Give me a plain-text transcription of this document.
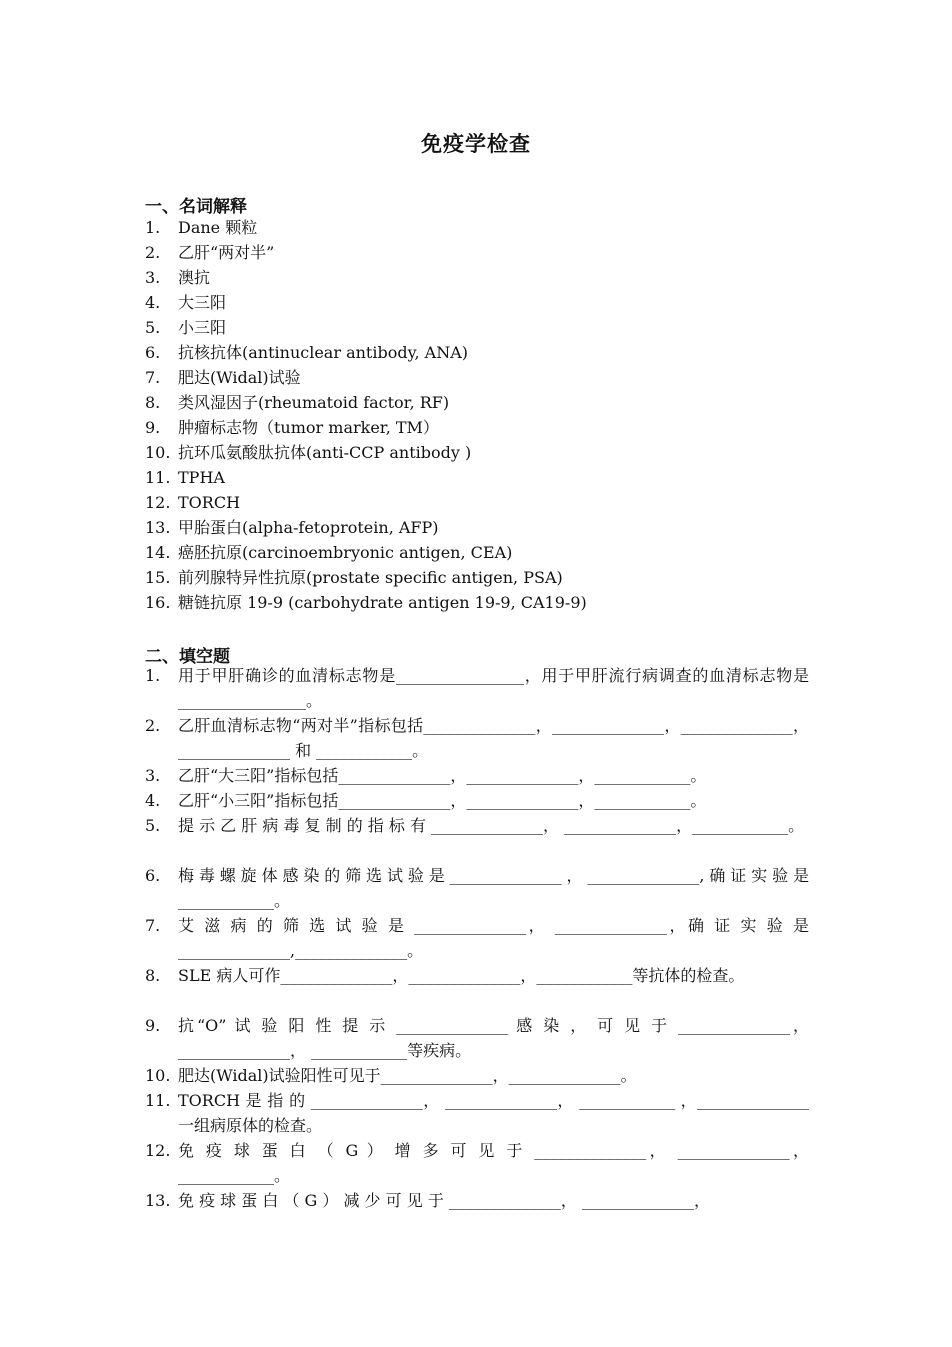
免疫学检查
一、名词解释
1. Dane 颗粒
2. 乙肝“两对半”
3. 澳抗
4. 大三阳
5. 小三阳
6. 抗核抗体(antinuclear antibody, ANA)
7. 肥达(Widal)试验
8. 类风湿因子(rheumatoid factor, RF)
9. 肿瘤标志物（tumor marker, TM）
10. 抗环瓜氨酸肽抗体(anti-CCP antibody )
11. TPHA
12. TORCH
13. 甲胎蛋白(alpha-fetoprotein, AFP)
14. 癌胚抗原(carcinoembryonic antigen, CEA)
15. 前列腺特异性抗原(prostate specific antigen, PSA)
16. 糖链抗原 19-9 (carbohydrate antigen 19-9, CA19-9)
二、填空题
1.	用于甲肝确诊的血清标志物是________________，用于甲肝流行病调查的血清标志物是________________。
2.	乙肝血清标志物“两对半”指标包括______________，______________，______________，______________ 和 ____________。
3.	乙肝“大三阳”指标包括______________，______________，____________。
4.	乙肝“小三阳”指标包括______________，______________，____________。
5.	提 示 乙 肝 病 毒 复 制 的 指 标 有 ______________， ______________，____________。
6.	梅毒螺旋体感染的筛选试验是______________，______________,确证实验是____________。
7.	艾 滋 病 的 筛 选 试 验 是 ______________， ______________，确 证 实 验 是______________,______________。
8.	SLE 病人可作______________，______________，____________等抗体的检查。
9.	抗“O” 试 验 阳 性 提 示 ______________ 感 染 ， 可 见 于 ______________，______________， ____________等疾病。
10. 肥达(Widal)试验阳性可见于______________，______________。
11. TORCH 是 指 的 ______________， ______________， ____________ ，______________一组病原体的检查。
12. 免 疫 球 蛋 白 （ G ） 增 多 可 见 于 ______________， ______________，____________。
13. 免 疫 球 蛋 白 （ G ） 减 少 可 见 于 ______________， ______________，
